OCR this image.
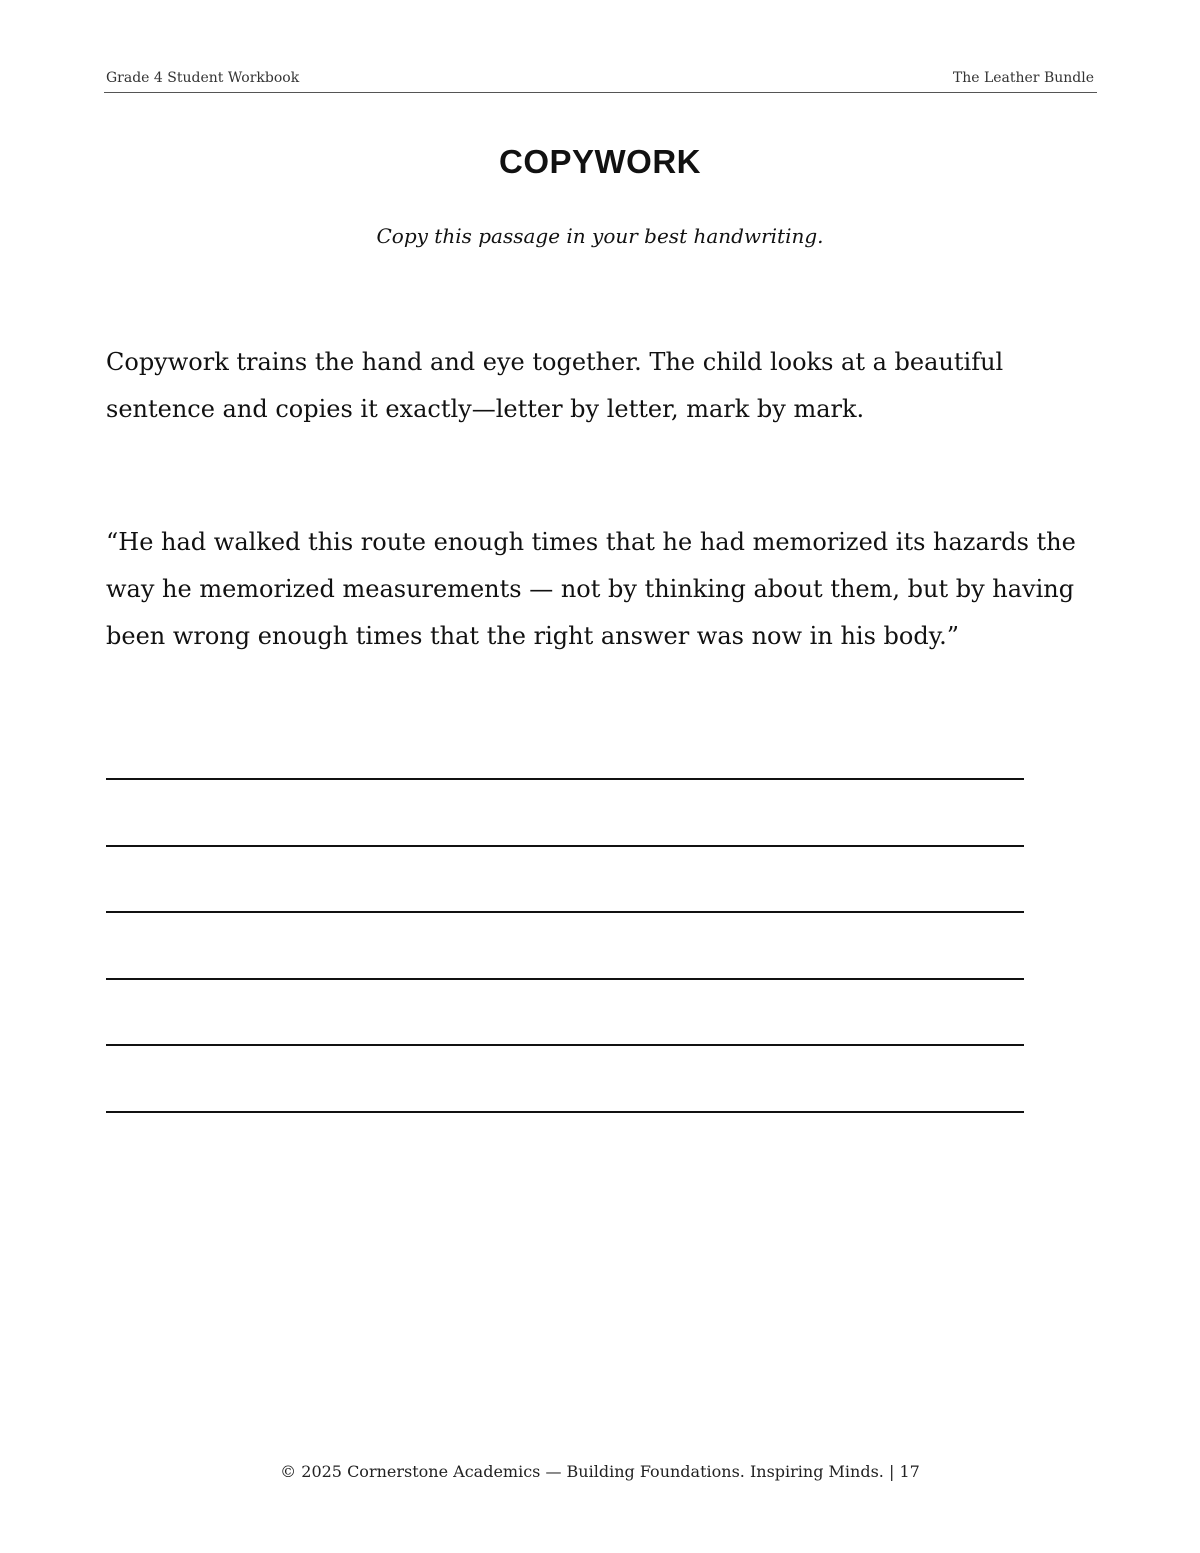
Grade 4 Student Workbook	The Leather Bundle
COPYWORK
Copy this passage in your best handwriting.

Copywork trains the hand and eye together. The child looks at a beautiful sentence and copies it exactly—letter by letter, mark by mark.

“He had walked this route enough times that he had memorized its hazards the way he memorized measurements — not by thinking about them, but by having been wrong enough times that the right answer was now in his body.”

© 2025 Cornerstone Academics — Building Foundations. Inspiring Minds. | 17
